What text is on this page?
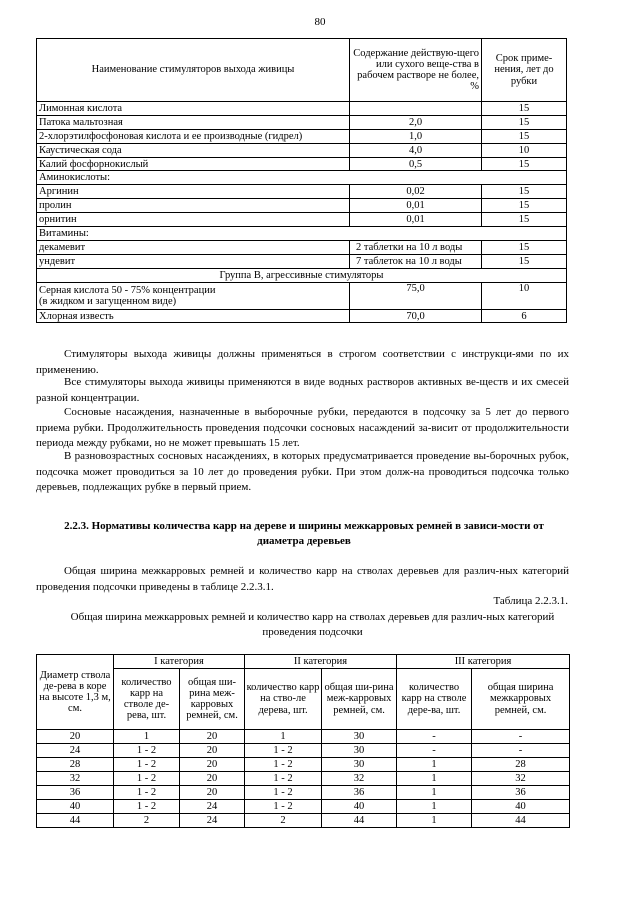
80
Наименование стимуляторов выхода живицы	Содержание действую-щего или сухого веще-ства в рабочем растворе не более, %	Срок приме-нения, лет до рубки
Лимонная кислота		15
Патока мальтозная	2,0	15
2-хлорэтилфосфоновая кислота и ее производные (гидрел)	1,0	15
Каустическая сода	4,0	10
Калий фосфорнокислый	0,5	15
Аминокислоты:		
Аргинин	0,02	15
пролин	0,01	15
орнитин	0,01	15
Витамины:		
декамевит	2 таблетки на 10 л воды	15
ундевит	7 таблеток на 10 л воды	15
Группа В, агрессивные стимуляторы		

Серная кислота 50 - 75% концентрации
(в жидком и загущенном виде)	75,0	10
Хлорная известь	70,0	6

Стимуляторы выхода живицы должны применяться в строгом соответствии с инструкци-ями по их применению.

Все стимуляторы выхода живицы применяются в виде водных растворов активных ве-ществ и их смесей разной концентрации.

Сосновые насаждения, назначенные в выборочные рубки, передаются в подсочку за 5 лет до первого приема рубки. Продолжительность проведения подсочки сосновых насаждений за-висит от продолжительности периода между рубками, но не может превышать 15 лет.

В разновозрастных сосновых насаждениях, в которых предусматривается проведение вы-борочных рубок, подсочка может проводиться за 10 лет до проведения рубки. При этом долж-на проводиться подсочка только деревьев, подлежащих рубке в первый прием.

2.2.3. Нормативы количества карр на дереве и ширины межкарровых ремней в зависи-мости от диаметра деревьев

Общая ширина межкарровых ремней и количество карр на стволах деревьев для различ-ных категорий проведения подсочки приведены в таблице 2.2.3.1.

Таблица 2.2.3.1.
Общая ширина межкарровых ремней и количество карр на стволах деревьев для различ-ных категорий проведения подсочки
Диаметр ствола де-рева в коре на высоте 1,3 м, см.	I категория		II категория		III категория	
	количество карр на стволе де-рева, шт.	общая ши-рина меж-карровых ремней, см.	количество карр на ство-ле дерева, шт.	общая ши-рина меж-карровых ремней, см.	количество карр на стволе дере-ва, шт.	общая ширина межкарровых ремней, см.
20	1	20	1	30	-	-
24	1 - 2	20	1 - 2	30	-	-
28	1 - 2	20	1 - 2	30	1	28
32	1 - 2	20	1 - 2	32	1	32
36	1 - 2	20	1 - 2	36	1	36
40	1 - 2	24	1 - 2	40	1	40
44	2	24	2	44	1	44
